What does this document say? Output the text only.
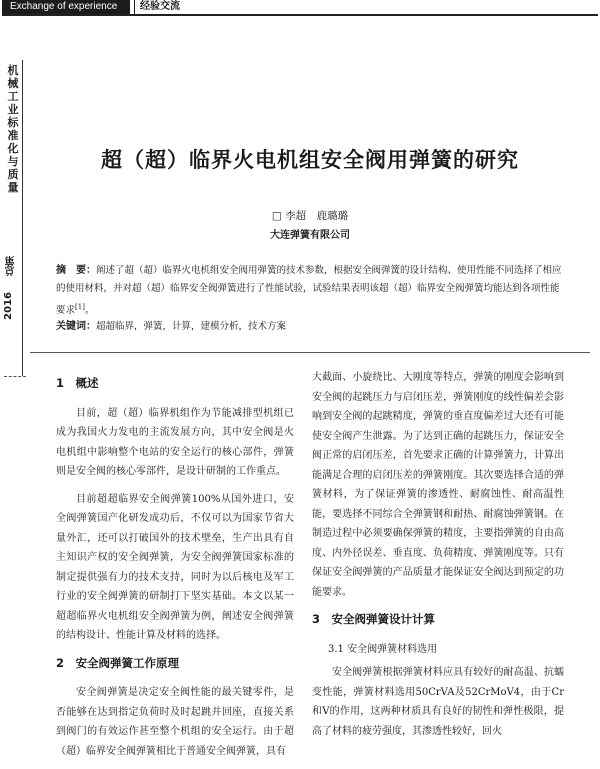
Exchange of experience	经验交流
机械工业标准化与质量
总第
2016
超（超）临界火电机组安全阀用弹簧的研究
□ 李超　鹿璐璐
大连弹簧有限公司
摘　要：阐述了超（超）临界火电机组安全阀用弹簧的技术参数，根据安全阀弹簧的设计结构、使用性能不同选择了相应的使用材料，并对超（超）临界安全阀弹簧进行了性能试验，试验结果表明该超（超）临界安全阀弹簧均能达到各项性能要求[1]。
关键词：超超临界，弹簧，计算，建模分析，技术方案
1　概述

目前，超（超）临界机组作为节能减排型机组已成为我国火力发电的主流发展方向，其中安全阀是火电机组中影响整个电站的安全运行的核心部件，弹簧则是安全阀的核心零部件，是设计研制的工作重点。

目前超超临界安全阀弹簧100%从国外进口，安全阀弹簧国产化研发成功后，不仅可以为国家节省大量外汇，还可以打破国外的技术壁垒，生产出具有自主知识产权的安全阀弹簧，为安全阀弹簧国家标准的制定提供强有力的技术支持，同时为以后核电及军工行业的安全阀弹簧的研制打下坚实基础。本文以某一超超临界火电机组安全阀弹簧为例，阐述安全阀弹簧的结构设计、性能计算及材料的选择。

2　安全阀弹簧工作原理

安全阀弹簧是决定安全阀性能的最关键零件，是否能够在达到指定负荷时及时起跳并回座，直接关系到阀门的有效运作甚至整个机组的安全运行。由于超（超）临界安全阀弹簧相比于普通安全阀弹簧，具有

大截面、小旋绕比、大刚度等特点，弹簧的刚度会影响到安全阀的起跳压力与启闭压差，弹簧刚度的线性偏差会影响到安全阀的起跳精度，弹簧的垂直度偏差过大还有可能使安全阀产生泄露。为了达到正确的起跳压力，保证安全阀正常的启闭压差，首先要求正确的计算弹簧力，计算出能满足合理的启闭压差的弹簧刚度。其次要选择合适的弹簧材料，为了保证弹簧的渗透性、耐腐蚀性、耐高温性能，要选择不同综合全弹簧钢和耐热、耐腐蚀弹簧钢。在制造过程中必须要确保弹簧的精度，主要指弹簧的自由高度、内外径误差、垂直度、负荷精度、弹簧刚度等。只有保证安全阀弹簧的产品质量才能保证安全阀达到预定的功能要求。

3　安全阀弹簧设计计算
3.1 安全阀弹簧材料选用

安全阀弹簧根据弹簧材料应具有较好的耐高温、抗蠕变性能，弹簧材料选用50CrVA及52CrMoV4，由于Cr和V的作用，这两种材质具有良好的韧性和弹性极限，提高了材料的疲劳强度，其渗透性较好，回火
